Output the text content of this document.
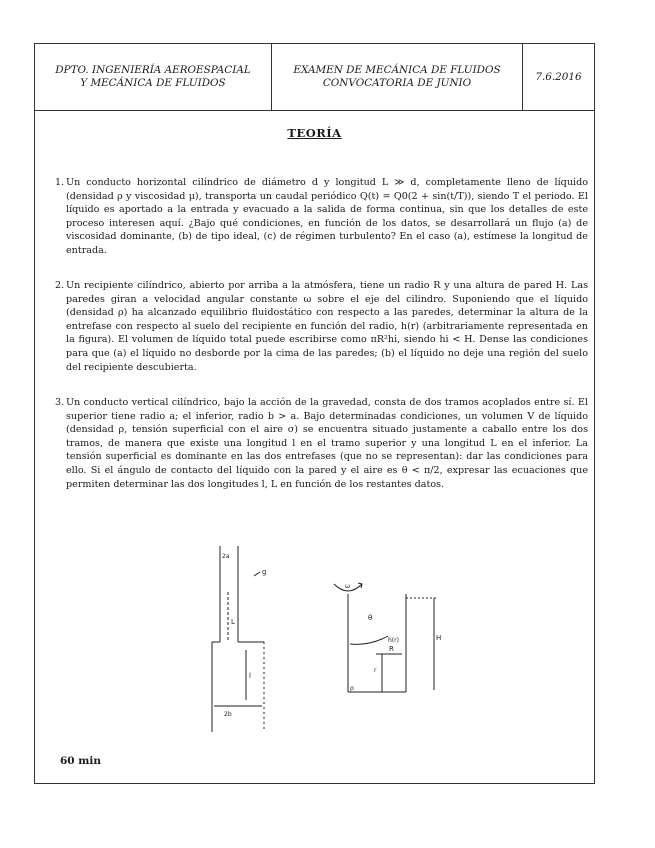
DPTO. INGENIERÍA AEROESPACIAL
Y MECÁNICA DE FLUIDOS
EXAMEN DE MECÁNICA DE FLUIDOS
CONVOCATORIA DE JUNIO
7.6.2016
TEORÍA
1. Un conducto horizontal cilíndrico de diámetro d y longitud L ≫ d, completamente lleno de líquido (densidad ρ y viscosidad μ), transporta un caudal periódico Q(t) = Q0(2 + sin(t/T)), siendo T el periodo. El líquido es aportado a la entrada y evacuado a la salida de forma continua, sin que los detalles de este proceso interesen aquí. ¿Bajo qué condiciones, en función de los datos, se desarrollará un flujo (a) de viscosidad dominante, (b) de tipo ideal, (c) de régimen turbulento? En el caso (a), estímese la longitud de entrada.
2. Un recipiente cilíndrico, abierto por arriba a la atmósfera, tiene un radio R y una altura de pared H. Las paredes giran a velocidad angular constante ω sobre el eje del cilindro. Suponiendo que el líquido (densidad ρ) ha alcanzado equilibrio fluidostático con respecto a las paredes, determinar la altura de la entrefase con respecto al suelo del recipiente en función del radio, h(r) (arbitrariamente representada en la figura). El volumen de líquido total puede escribirse como πR²hi, siendo hi < H. Dense las condiciones para que (a) el líquido no desborde por la cima de las paredes; (b) el líquido no deje una región del suelo del recipiente descubierta.
3. Un conducto vertical cilíndrico, bajo la acción de la gravedad, consta de dos tramos acoplados entre sí. El superior tiene radio a; el inferior, radio b > a. Bajo determinadas condiciones, un volumen V de líquido (densidad ρ, tensión superficial con el aire σ) se encuentra situado justamente a caballo entre los dos tramos, de manera que existe una longitud l en el tramo superior y una longitud L en el inferior. La tensión superficial es dominante en las dos entrefases (que no se representan): dar las condiciones para ello. Si el ángulo de contacto del líquido con la pared y el aire es θ < π/2, expresar las ecuaciones que permiten determinar las dos longitudes l, L en función de los restantes datos.
2a
L
g
l
2b
ω
θ
h(r)	H
R
r
ρ
60 min
